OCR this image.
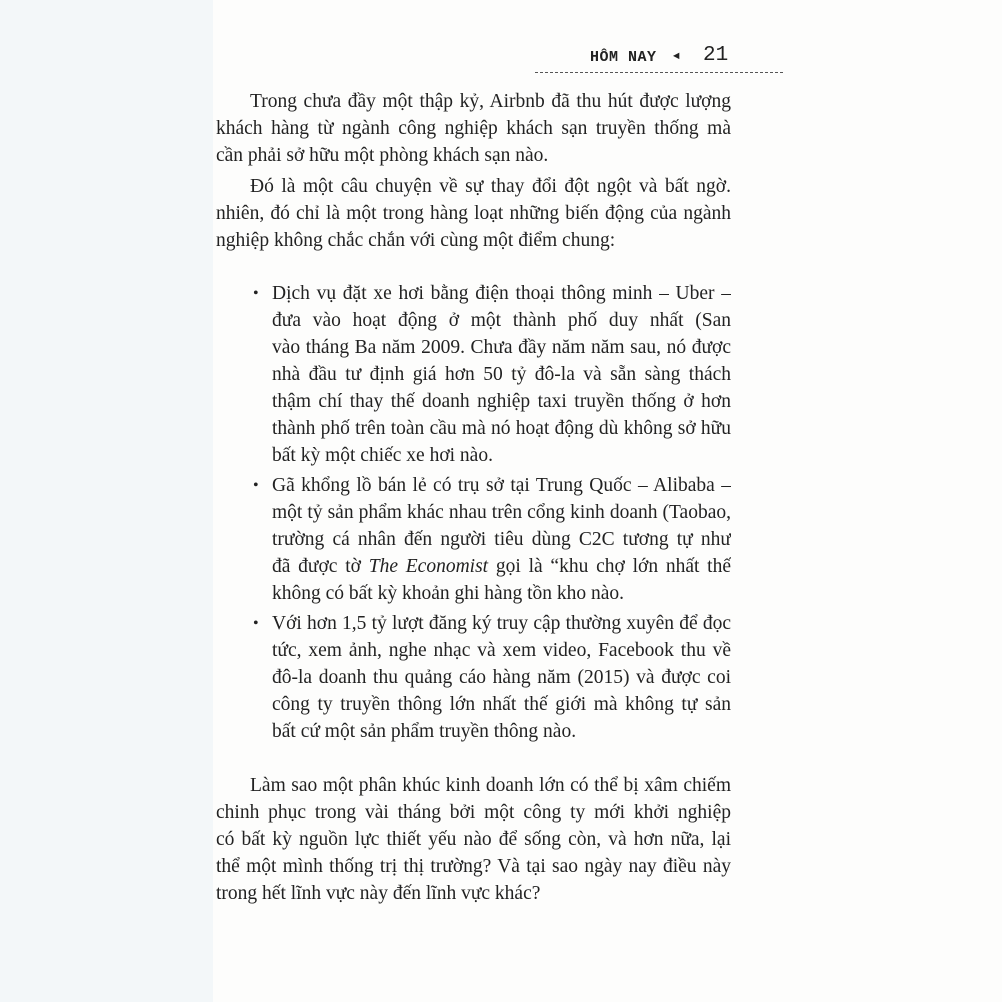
HÔM NAY ◄ 21
Trong chưa đầy một thập kỷ, Airbnb đã thu hút được lượng
khách hàng từ ngành công nghiệp khách sạn truyền thống mà
cần phải sở hữu một phòng khách sạn nào.
Đó là một câu chuyện về sự thay đổi đột ngột và bất ngờ.
nhiên, đó chỉ là một trong hàng loạt những biến động của ngành
nghiệp không chắc chắn với cùng một điểm chung:
• Dịch vụ đặt xe hơi bằng điện thoại thông minh – Uber –
đưa vào hoạt động ở một thành phố duy nhất (San
vào tháng Ba năm 2009. Chưa đầy năm năm sau, nó được
nhà đầu tư định giá hơn 50 tỷ đô-la và sẵn sàng thách
thậm chí thay thế doanh nghiệp taxi truyền thống ở hơn
thành phố trên toàn cầu mà nó hoạt động dù không sở hữu
bất kỳ một chiếc xe hơi nào.
• Gã khổng lồ bán lẻ có trụ sở tại Trung Quốc – Alibaba –
một tỷ sản phẩm khác nhau trên cổng kinh doanh (Taobao,
trường cá nhân đến người tiêu dùng C2C tương tự như
đã được tờ The Economist gọi là “khu chợ lớn nhất thế
không có bất kỳ khoản ghi hàng tồn kho nào.
• Với hơn 1,5 tỷ lượt đăng ký truy cập thường xuyên để đọc
tức, xem ảnh, nghe nhạc và xem video, Facebook thu về
đô-la doanh thu quảng cáo hàng năm (2015) và được coi
công ty truyền thông lớn nhất thế giới mà không tự sản
bất cứ một sản phẩm truyền thông nào.
Làm sao một phân khúc kinh doanh lớn có thể bị xâm chiếm
chinh phục trong vài tháng bởi một công ty mới khởi nghiệp
có bất kỳ nguồn lực thiết yếu nào để sống còn, và hơn nữa, lại
thể một mình thống trị thị trường? Và tại sao ngày nay điều này
trong hết lĩnh vực này đến lĩnh vực khác?
